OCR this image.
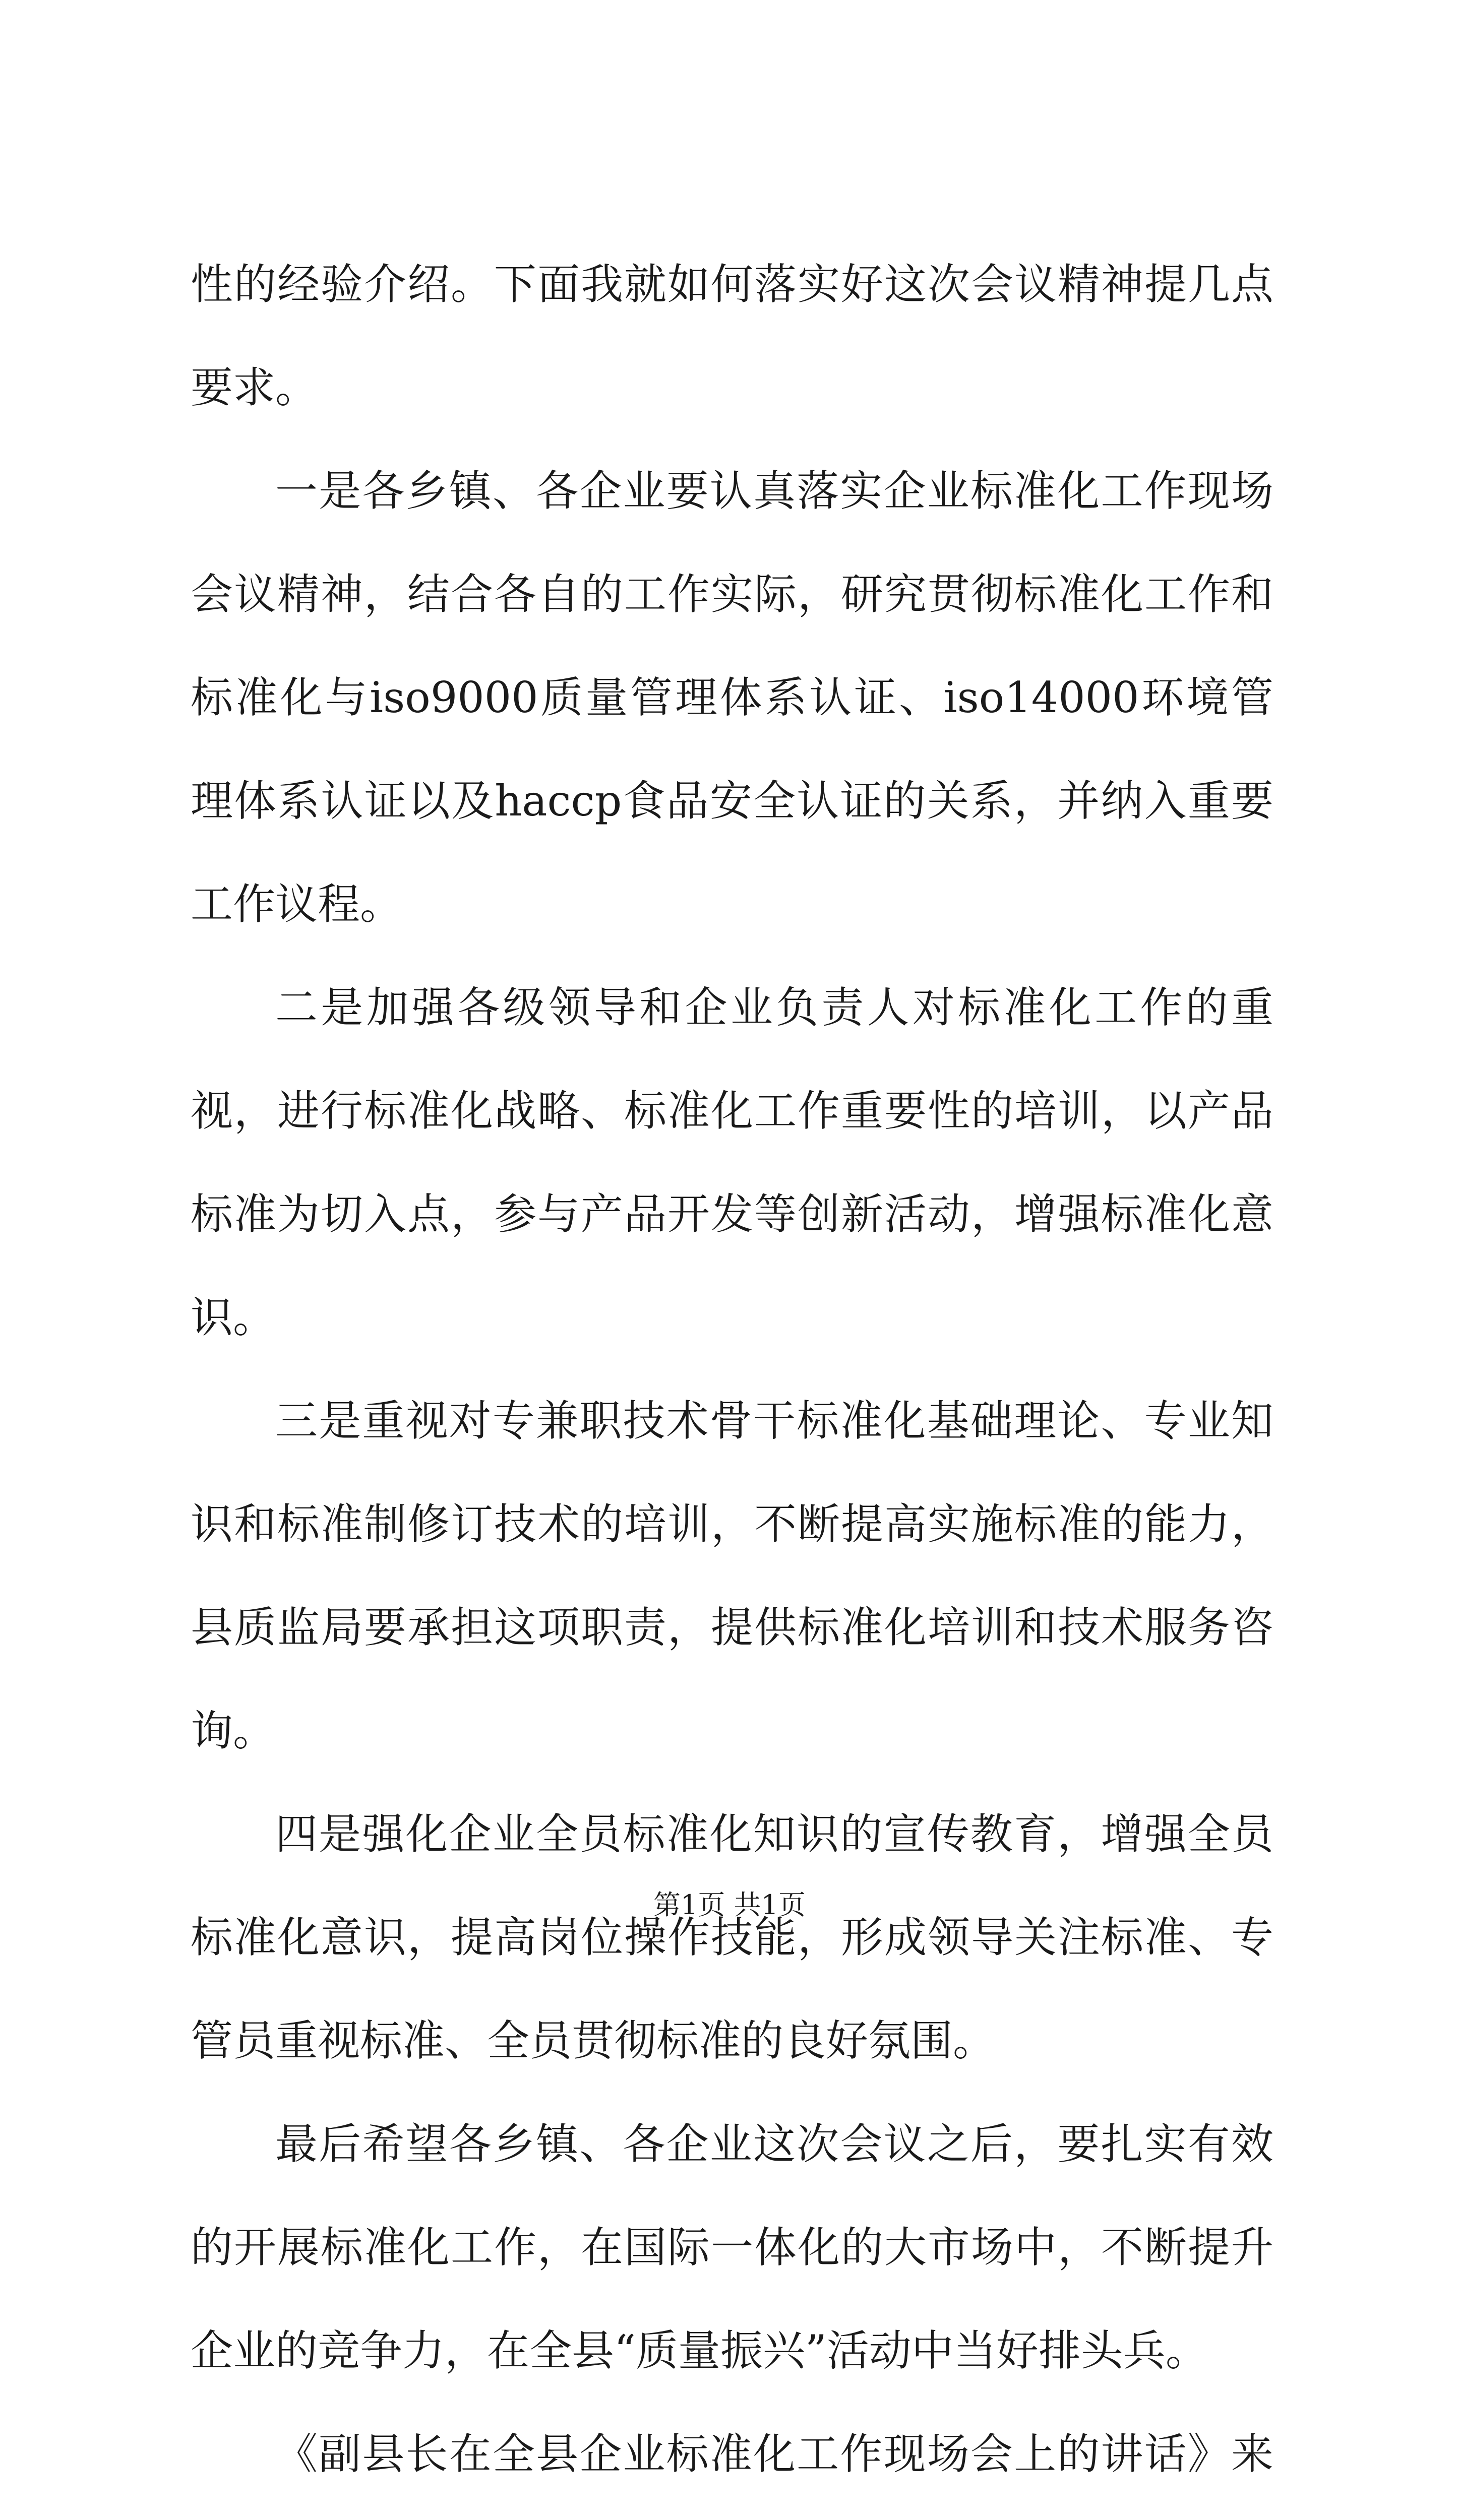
性的经验介绍。下面我就如何落实好这次会议精神提几点要求。

一是各乡镇、各企业要认真落实企业标准化工作现场会议精神，结合各自的工作实际，研究贯彻标准化工作和标准化与iso9000质量管理体系认证、iso14000环境管理体系认证以及haccp食品安全认证的关系，并纳入重要工作议程。

二是加强各级领导和企业负责人对标准化工作的重视，进行标准化战略、标准化工作重要性的培训，以产品标准为切入点，参与产品开发等创新活动，增强标准化意识。

三是重视对专兼职技术骨干标准化基础理论、专业知识和标准制修订技术的培训，不断提高实施标准的能力，县质监局要承担这项职责，提供标准化培训和技术服务咨询。

四是强化企业全员标准化知识的宣传教育，增强全员标准化意识，提高岗位操作技能，形成领导关注标准、专管员重视标准、全员贯彻标准的良好氛围。

最后希望各乡镇、各企业这次会议之后，要扎实有效的开展标准化工作，在国际一体化的大市场中，不断提升企业的竞争力，在全县“质量振兴”活动中当好排头兵。

《副县长在全县企业标准化工作现场会上的讲话》来

第1页 共1页
